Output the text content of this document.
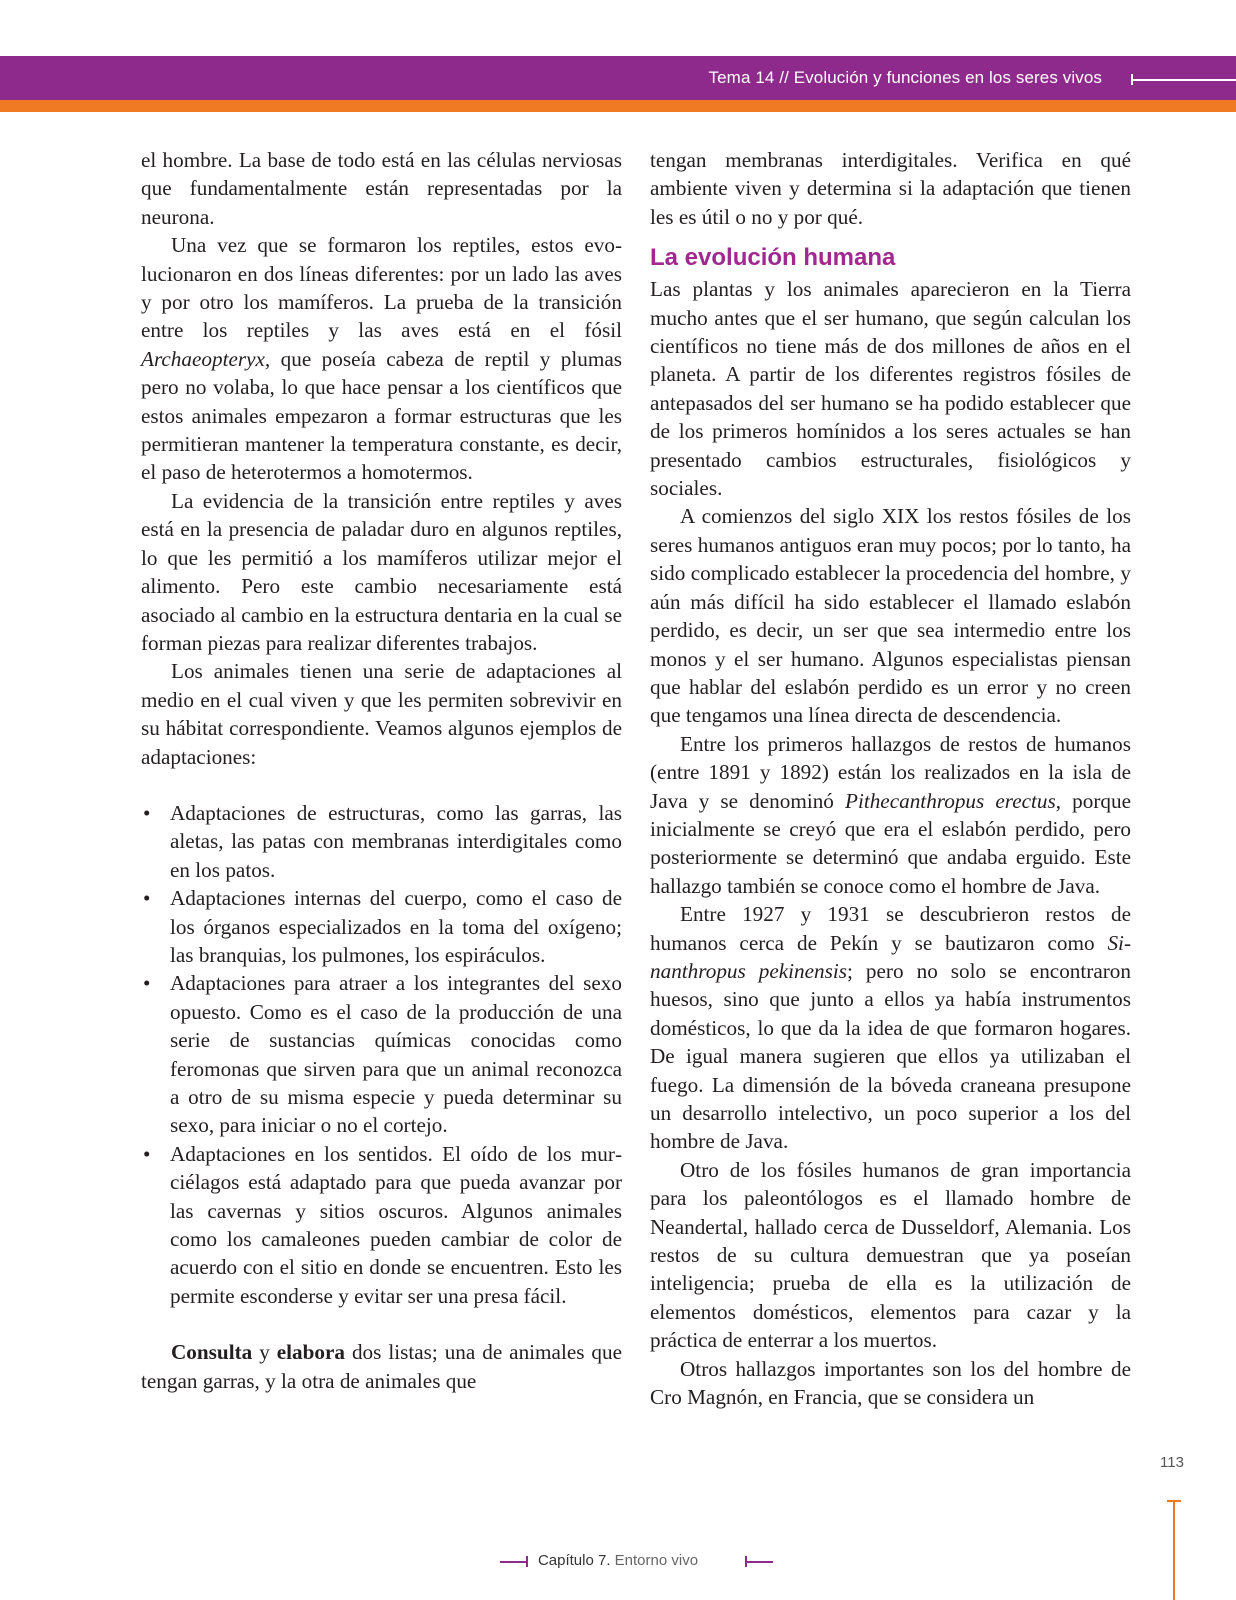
Tema 14 // Evolución y funciones en los seres vivos

el hombre. La base de todo está en las células nerviosas que fundamentalmente están representadas por la neurona.

Una vez que se formaron los reptiles, estos evolucionaron en dos líneas diferentes: por un lado las aves y por otro los mamíferos. La prueba de la transición entre los reptiles y las aves está en el fósil Archaeopteryx, que poseía cabeza de reptil y plumas pero no volaba, lo que hace pensar a los científicos que estos animales empezaron a formar estructuras que les permitieran mantener la temperatura constante, es decir, el paso de heterotermos a homotermos.

La evidencia de la transición entre reptiles y aves está en la presencia de paladar duro en algunos reptiles, lo que les permitió a los mamíferos utilizar mejor el alimento. Pero este cambio necesariamente está asociado al cambio en la estructura dentaria en la cual se forman piezas para realizar diferentes trabajos.

Los animales tienen una serie de adaptaciones al medio en el cual viven y que les permiten sobrevivir en su hábitat correspondiente. Veamos algunos ejemplos de adaptaciones:

• Adaptaciones de estructuras, como las garras, las aletas, las patas con membranas interdigitales como en los patos.
• Adaptaciones internas del cuerpo, como el caso de los órganos especializados en la toma del oxígeno; las branquias, los pulmones, los espiráculos.
• Adaptaciones para atraer a los integrantes del sexo opuesto. Como es el caso de la producción de una serie de sustancias químicas conocidas como feromonas que sirven para que un animal reconozca a otro de su misma especie y pueda determinar su sexo, para iniciar o no el cortejo.
• Adaptaciones en los sentidos. El oído de los murciélagos está adaptado para que pueda avanzar por las cavernas y sitios oscuros. Algunos animales como los camaleones pueden cambiar de color de acuerdo con el sitio en donde se encuentren. Esto les permite esconderse y evitar ser una presa fácil.

Consulta y elabora dos listas; una de animales que tengan garras, y la otra de animales que

tengan membranas interdigitales. Verifica en qué ambiente viven y determina si la adaptación que tienen les es útil o no y por qué.

La evolución humana

Las plantas y los animales aparecieron en la Tierra mucho antes que el ser humano, que según calculan los científicos no tiene más de dos millones de años en el planeta. A partir de los diferentes registros fósiles de antepasados del ser humano se ha podido establecer que de los primeros homínidos a los seres actuales se han presentado cambios estructurales, fisiológicos y sociales.

A comienzos del siglo XIX los restos fósiles de los seres humanos antiguos eran muy pocos; por lo tanto, ha sido complicado establecer la procedencia del hombre, y aún más difícil ha sido establecer el llamado eslabón perdido, es decir, un ser que sea intermedio entre los monos y el ser humano. Algunos especialistas piensan que hablar del eslabón perdido es un error y no creen que tengamos una línea directa de descendencia.

Entre los primeros hallazgos de restos de humanos (entre 1891 y 1892) están los realizados en la isla de Java y se denominó Pithecanthropus erectus, porque inicialmente se creyó que era el eslabón perdido, pero posteriormente se determinó que andaba erguido. Este hallazgo también se conoce como el hombre de Java.

Entre 1927 y 1931 se descubrieron restos de humanos cerca de Pekín y se bautizaron como Sinanthropus pekinensis; pero no solo se encontraron huesos, sino que junto a ellos ya había instrumentos domésticos, lo que da la idea de que formaron hogares. De igual manera sugieren que ellos ya utilizaban el fuego. La dimensión de la bóveda craneana presupone un desarrollo intelectivo, un poco superior a los del hombre de Java.

Otro de los fósiles humanos de gran importancia para los paleontólogos es el llamado hombre de Neandertal, hallado cerca de Dusseldorf, Alemania. Los restos de su cultura demuestran que ya poseían inteligencia; prueba de ella es la utilización de elementos domésticos, elementos para cazar y la práctica de enterrar a los muertos.

Otros hallazgos importantes son los del hombre de Cro Magnón, en Francia, que se considera un

113
Capítulo 7. Entorno vivo
